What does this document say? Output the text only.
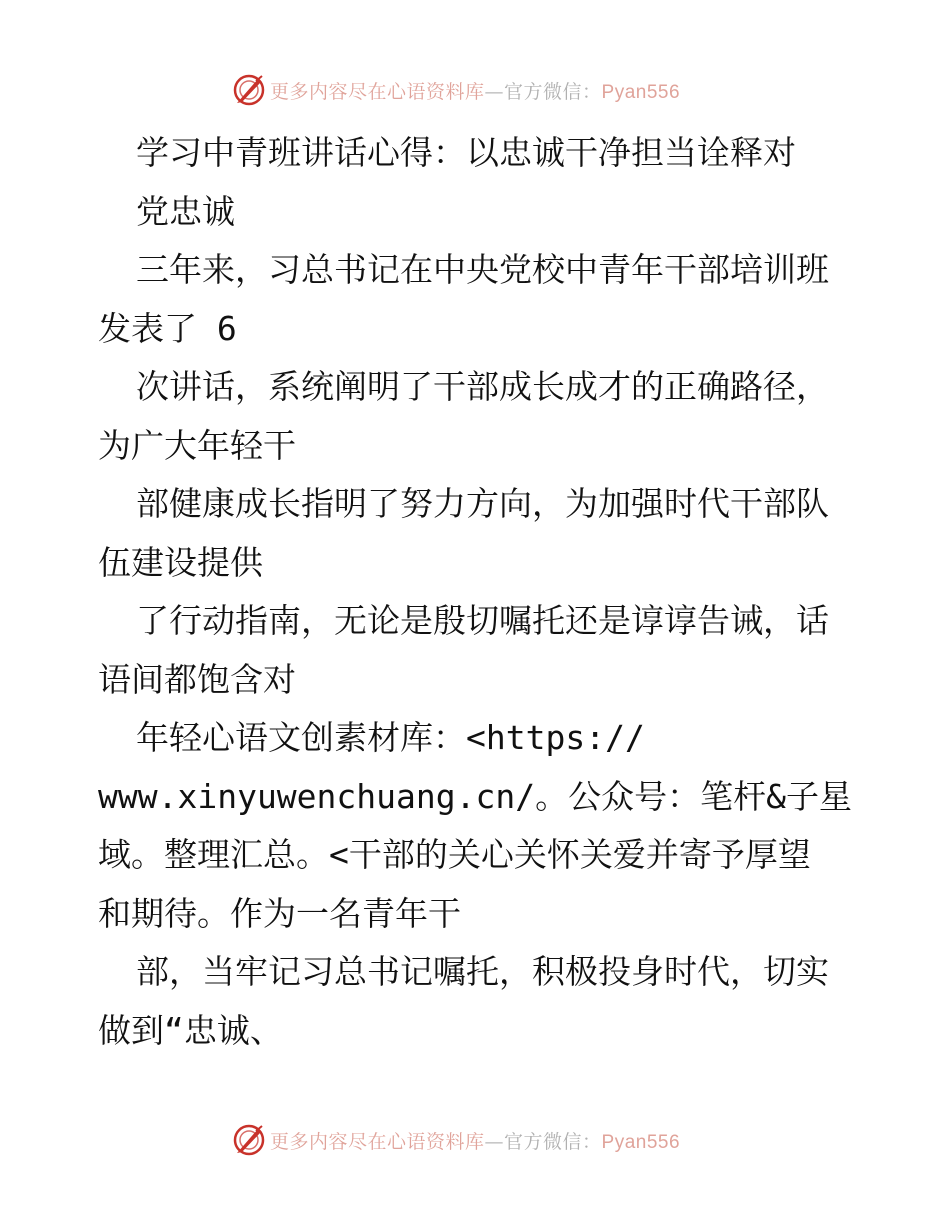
更多内容尽在心语资料库—官方微信：Pyan556
学习中青班讲话心得：以忠诚干净担当诠释对
党忠诚
三年来，习总书记在中央党校中青年干部培训班
发表了 6
次讲话，系统阐明了干部成长成才的正确路径，
为广大年轻干
部健康成长指明了努力方向，为加强时代干部队
伍建设提供
了行动指南，无论是殷切嘱托还是谆谆告诫，话
语间都饱含对
年轻心语文创素材库：<https://
www.xinyuwenchuang.cn/。公众号：笔杆&子星
域。整理汇总。<干部的关心关怀关爱并寄予厚望
和期待。作为一名青年干
部，当牢记习总书记嘱托，积极投身时代，切实
做到“忠诚、
更多内容尽在心语资料库—官方微信：Pyan556
